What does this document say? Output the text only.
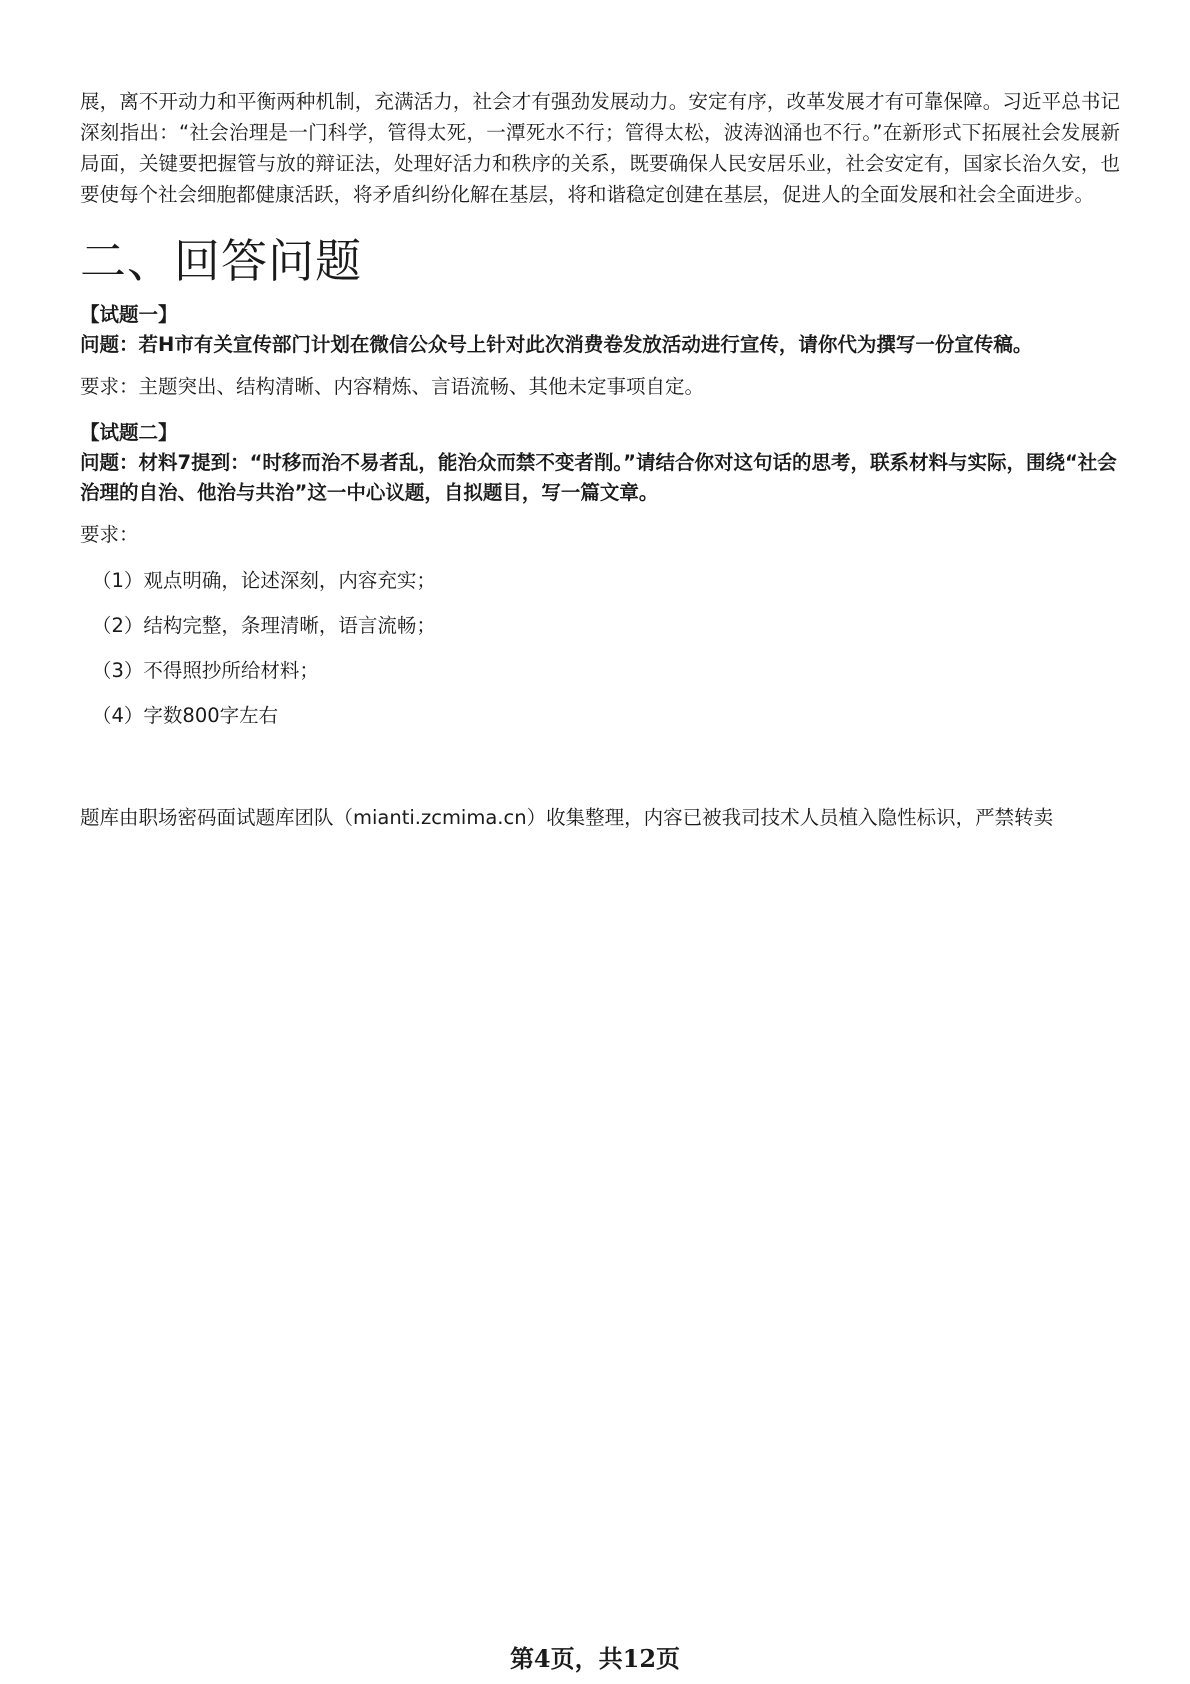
展，离不开动力和平衡两种机制，充满活力，社会才有强劲发展动力。安定有序，改革发展才有可靠保障。习近平总书记深刻指出：“社会治理是一门科学，管得太死，一潭死水不行；管得太松，波涛汹涌也不行。”在新形式下拓展社会发展新局面，关键要把握管与放的辩证法，处理好活力和秩序的关系，既要确保人民安居乐业，社会安定有，国家长治久安，也要使每个社会细胞都健康活跃，将矛盾纠纷化解在基层，将和谐稳定创建在基层，促进人的全面发展和社会全面进步。

二、回答问题

【试题一】

问题：若H市有关宣传部门计划在微信公众号上针对此次消费卷发放活动进行宣传，请你代为撰写一份宣传稿。

要求：主题突出、结构清晰、内容精炼、言语流畅、其他未定事项自定。

【试题二】

问题：材料7提到：“时移而治不易者乱，能治众而禁不变者削。”请结合你对这句话的思考，联系材料与实际，围绕“社会治理的自治、他治与共治”这一中心议题，自拟题目，写一篇文章。

要求：

（1）观点明确，论述深刻，内容充实；
（2）结构完整，条理清晰，语言流畅；
（3）不得照抄所给材料；
（4）字数800字左右

题库由职场密码面试题库团队（mianti.zcmima.cn）收集整理，内容已被我司技术人员植入隐性标识，严禁转卖

第4页，共12页
